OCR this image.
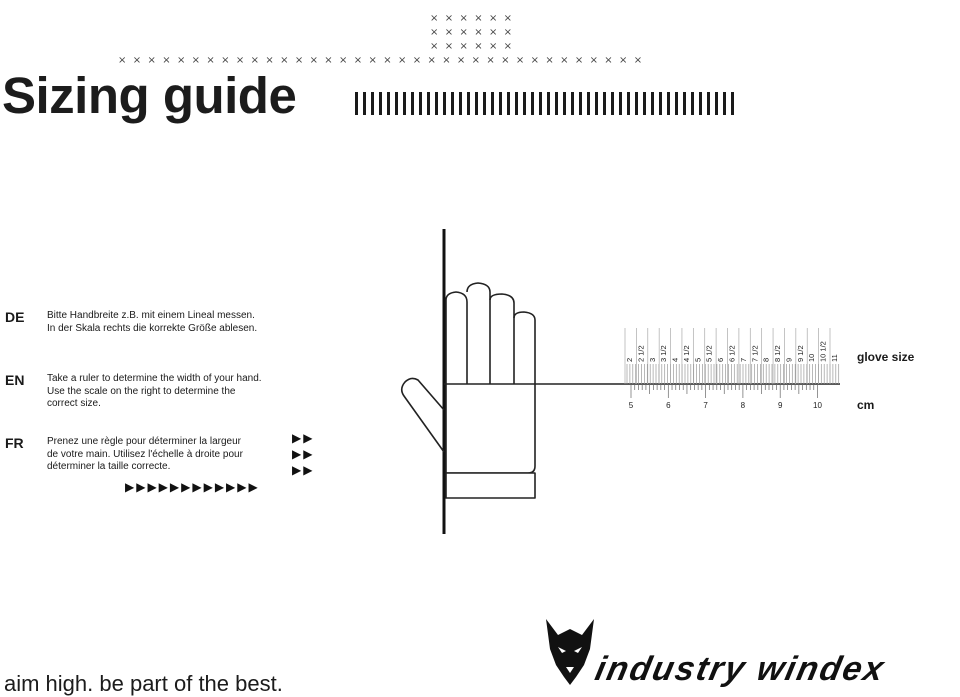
Sizing guide
×  ×  ×  ×  ×  ×
×  ×  ×  ×  ×  ×
×  ×  ×  ×  ×  ×
×  ×  ×  ×  ×  ×  ×  ×  ×  ×  ×  ×  ×  ×  ×  ×  ×  ×  ×  ×  ×  ×  ×  ×  ×  ×  ×  ×  ×  ×  ×  ×  ×  ×  ×  ×
DE Bitte Handbreite z.B. mit einem Lineal messen.
In der Skala rechts die korrekte Größe ablesen.
EN Take a ruler to determine the width of your hand.
Use the scale on the right to determine the
correct size.
FR Prenez une règle pour déterminer la largeur
de votre main. Utilisez l'échelle à droite pour
déterminer la taille correcte.
▶▶
▶▶
▶▶
▶▶▶▶▶▶▶▶▶▶▶▶
2 2 1/2 3 3 1/2 4 4 1/2 5 5 1/2 6 6 1/2 7 7 1/2 8 8 1/2 9 9 1/2 10 10 1/2 11
5	6	7	8	9	10
glove size
cm
aim high. be part of the best.	industry windex
